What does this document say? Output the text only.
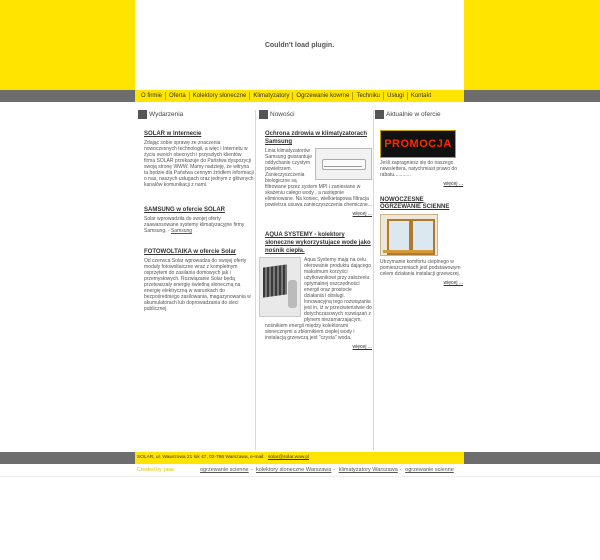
Couldn't load plugin.
O firmie	Oferta	Kolektory słoneczne	Klimatyzatory	Ogrzewanie kowrne	Techniku	Usługi	Kontakt
Wydarzenia
SOLAR w Internecie
Zdając sobie sprawę ze znaczenia nowoczesnych technologii, a więc i Internetu w życiu swoich obecnych i przyszłych klientów firma SOLAR przekazuje do Państwa dyspozycji swoją stronę WWW. Mamy nadzieję, że witryna ta będzie dla Państwa cennym źródłem informacji o nas, naszych usługach oraz jednym z głównych kanałów komunikacji z nami.
SAMSUNG w ofercie SOLAR
Solar wprowadziła do swojej oferty zaawansowane systemy klimatyzacyjne firmy Samsung. - Samsung
FOTOWOLTAIKA w ofercie Solar
Od czerwca Solar wprowadza do swojej oferty moduły fotowoltaiczne wraz z kompletnym osprzętem do zasilania domowych jak i przemysłowych. Rozwiązanie Solar będą przetwarzały energię świetlną słoneczną na energię elektryczną w warunkach do bezpośredniego zasilowania, magazynowania w akumulatorach lub doprowadzania do sieci publicznej.
Nowości
Ochrona zdrowia w klimatyzatorach Samsung
Linia klimatyzatorów Samsung gwarantuje oddychanie czystym powietrzem. Zanieczyszczenia biologiczne są filtrowane przez system MPI i zaniesiane w skażeniu całego wody , a następnie eliminowane. Na koniec, wielkietapowa filtracja powietrza usuwa zanieczyszczenia chemiczne...
więcej ...
AQUA SYSTEMY - kolektory słoneczne wykorzystujace wode jako nośnik ciepła.
Aqua Systemy mają na celu oferowanie produktu dającego maksimum korzyści użytkownikowi przy założeniu optymalnej oszczędności energii oraz prostocie działania i obsługi. Innowacyjną tego rozwiązania jest in, iż w przeciwieństwie do dotychczasowych rozwiązań z płynem niezamarzającym, nośnikiem energii między kolektorami słonecznymi a zbiornikiem ciepłej wody i instalacją grzewczą jest "czysta" woda.
więcej ...
Aktualnie w ofercie
PROMOCJA
Jeśli zapragniesz się do naszego newslettera, natychmiast prawo do rabatu............
więcej ...
NOWOCZESNE OGRZEWANIE ŚCIENNE
Utrzymanie komfortu cieplnego w pomieszczeniach jest podstawowym celem działania instalacji grzewczej.
więcej ...
SOLAR, ul. Wawrzowa 21 lok 47, 02-796 Warszawa, e-mail: solar@solar.waw.pl
Created by: jaaa	ogrzewanie scienne - kolektory sloneczne Warszawa - klimatyzatory Warszawa - ogrzewanie scienne
